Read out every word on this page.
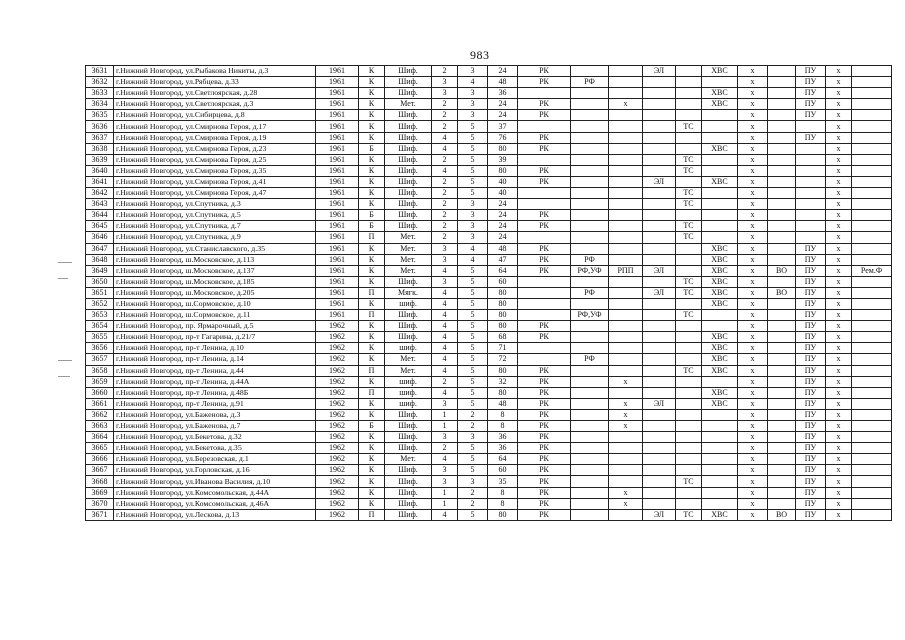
983
3631	г.Нижний Новгород, ул.Рыбакова Никиты, д.3	1961	К	Шиф.	2	3	24	РК			ЭЛ		ХВС	х		ПУ	х	
3632	г.Нижний Новгород, ул.Рябцева, д.33	1961	К	Шиф.	3	4	48	РК	РФ					х		ПУ	х	
3633	г.Нижний Новгород, ул.Светлоярская, д.28	1961	К	Шиф.	3	3	36						ХВС	х		ПУ	х	
3634	г.Нижний Новгород, ул.Светлоярская, д.3	1961	К	Мет.	2	3	24	РК		х			ХВС	х		ПУ	х	
3635	г.Нижний Новгород, ул.Сибирцева, д.8	1961	К	Шиф.	2	3	24	РК						х		ПУ	х	
3636	г.Нижний Новгород, ул.Смирнова Героя, д.17	1961	К	Шиф.	2	5	37					ТС		х			х	
3637	г.Нижний Новгород, ул.Смирнова Героя, д.19	1961	К	Шиф.	4	5	76	РК						х		ПУ	х	
3638	г.Нижний Новгород, ул.Смирнова Героя, д.23	1961	Б	Шиф.	4	5	80	РК					ХВС	х			х	
3639	г.Нижний Новгород, ул.Смирнова Героя, д.25	1961	К	Шиф.	2	5	39					ТС		х			х	
3640	г.Нижний Новгород, ул.Смирнова Героя, д.35	1961	К	Шиф.	4	5	80	РК				ТС		х			х	
3641	г.Нижний Новгород, ул.Смирнова Героя, д.41	1961	К	Шиф.	2	5	40	РК			ЭЛ		ХВС	х			х	
3642	г.Нижний Новгород, ул.Смирнова Героя, д.47	1961	К	Шиф.	2	5	40					ТС		х			х	
3643	г.Нижний Новгород, ул.Спутника, д.3	1961	К	Шиф.	2	3	24					ТС		х			х	
3644	г.Нижний Новгород, ул.Спутника, д.5	1961	Б	Шиф.	2	3	24	РК						х			х	
3645	г.Нижний Новгород, ул.Спутника, д.7	1961	Б	Шиф.	2	3	24	РК				ТС		х			х	
3646	г.Нижний Новгород, ул.Спутника, д.9	1961	П	Мет.	2	3	24					ТС		х			х	
3647	г.Нижний Новгород, ул.Станиславского, д.35	1961	К	Мет.	3	4	48	РК					ХВС	х		ПУ	х	
3648	г.Нижний Новгород, ш.Московское, д.113	1961	К	Мет.	3	4	47	РК	РФ				ХВС	х		ПУ	х	
3649	г.Нижний Новгород, ш.Московское, д.137	1961	К	Мет.	4	5	64	РК	РФ,УФ	РПП	ЭЛ		ХВС	х	ВО	ПУ	х	Рем.Ф
3650	г.Нижний Новгород, ш.Московское, д.185	1961	К	Шиф.	3	5	60					ТС	ХВС	х		ПУ	х	
3651	г.Нижний Новгород, ш.Московское, д.205	1961	П	Мягк.	4	5	80		РФ		ЭЛ	ТС	ХВС	х	ВО	ПУ	х	
3652	г.Нижний Новгород, ш.Сормовское, д.10	1961	К	шиф.	4	5	80						ХВС	х		ПУ	х	
3653	г.Нижний Новгород, ш.Сормовское, д.11	1961	П	Шиф.	4	5	80		РФ,УФ			ТС		х		ПУ	х	
3654	г.Нижний Новгород, пр. Ярмарочный, д.5	1962	К	Шиф.	4	5	80	РК						х		ПУ	х	
3655	г.Нижний Новгород, пр-т Гагарина, д.21/7	1962	К	Шиф.	4	5	68	РК					ХВС	х		ПУ	х	
3656	г.Нижний Новгород, пр-т Ленина, д.10	1962	К	шиф.	4	5	71						ХВС	х		ПУ	х	
3657	г.Нижний Новгород, пр-т Ленина, д.14	1962	К	Мет.	4	5	72		РФ				ХВС	х		ПУ	х	
3658	г.Нижний Новгород, пр-т Ленина, д.44	1962	П	Мет.	4	5	80	РК				ТС	ХВС	х		ПУ	х	
3659	г.Нижний Новгород, пр-т Ленина, д.44А	1962	К	шиф.	2	5	32	РК		х				х		ПУ	х	
3660	г.Нижний Новгород, пр-т Ленина, д.48Б	1962	П	шиф.	4	5	80	РК					ХВС	х		ПУ	х	
3661	г.Нижний Новгород, пр-т Ленина, д.91	1962	К	шиф.	3	5	48	РК		х	ЭЛ		ХВС	х		ПУ	х	
3662	г.Нижний Новгород, ул.Баженова, д.3	1962	К	Шиф.	1	2	8	РК		х				х		ПУ	х	
3663	г.Нижний Новгород, ул.Баженова, д.7	1962	Б	Шиф.	1	2	8	РК		х				х		ПУ	х	
3664	г.Нижний Новгород, ул.Бекетова, д.32	1962	К	Шиф.	3	3	36	РК						х		ПУ	х	
3665	г.Нижний Новгород, ул.Бекетова, д.35	1962	К	Шиф.	2	5	36	РК						х		ПУ	х	
3666	г.Нижний Новгород, ул.Березовская, д.1	1962	К	Мет.	4	5	64	РК						х		ПУ	х	
3667	г.Нижний Новгород, ул.Горловская, д.16	1962	К	Шиф.	3	5	60	РК						х		ПУ	х	
3668	г.Нижний Новгород, ул.Иванова Василия, д.10	1962	К	Шиф.	3	3	35	РК				ТС		х		ПУ	х	
3669	г.Нижний Новгород, ул.Комсомольская, д.44А	1962	К	Шиф.	1	2	8	РК		х				х		ПУ	х	
3670	г.Нижний Новгород, ул.Комсомольская, д.46А	1962	К	Шиф.	1	2	8	РК		х				х		ПУ	х	
3671	г.Нижний Новгород, ул.Лескова, д.13	1962	П	Шиф.	4	5	80	РК			ЭЛ	ТС	ХВС	х	ВО	ПУ	х	
